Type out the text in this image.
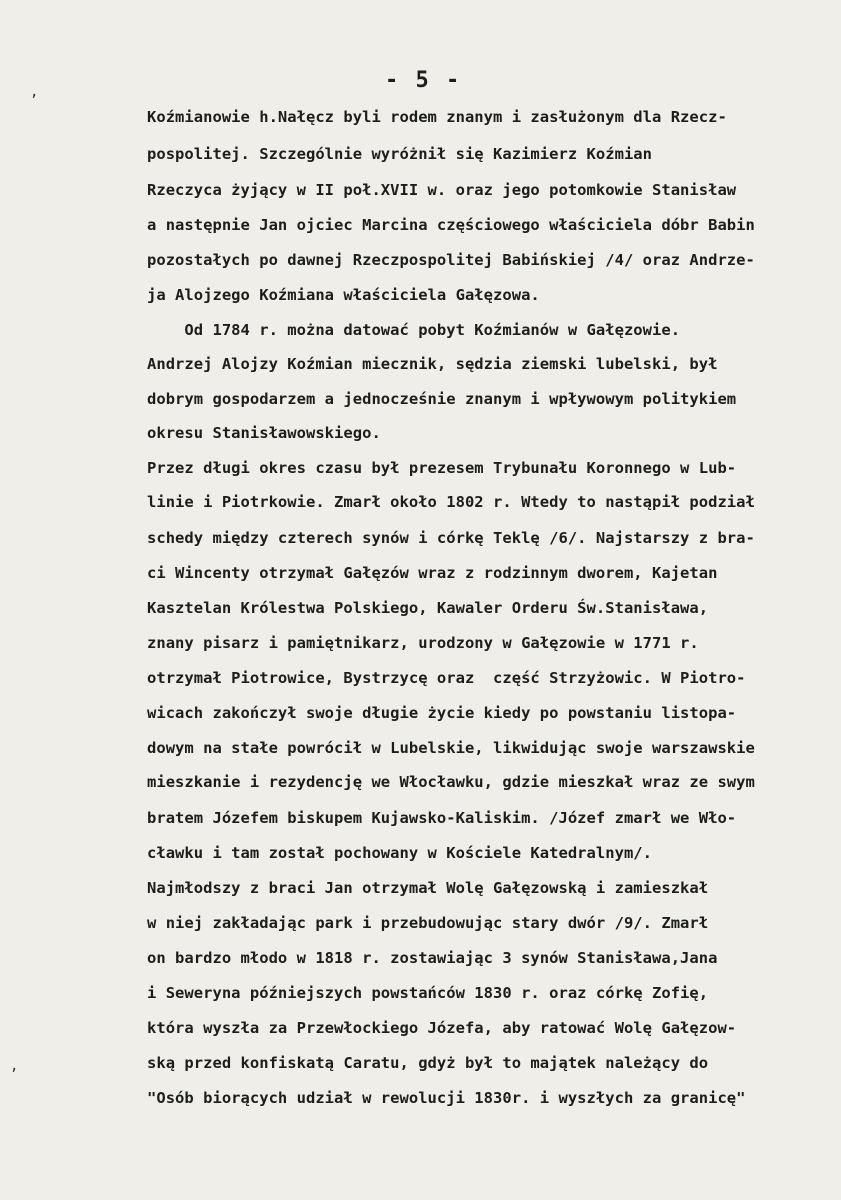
,
,
- 5 -
Koźmianowie h.Nałęcz byli rodem znanym i zasłużonym dla Rzecz-
pospolitej. Szczególnie wyróżnił się Kazimierz Koźmian
Rzeczyca żyjący w II poł.XVII w. oraz jego potomkowie Stanisław
a następnie Jan ojciec Marcina częściowego właściciela dóbr Babin
pozostałych po dawnej Rzeczpospolitej Babińskiej /4/ oraz Andrze-
ja Alojzego Koźmiana właściciela Gałęzowa.
Od 1784 r. można datować pobyt Koźmianów w Gałęzowie.
Andrzej Alojzy Koźmian miecznik, sędzia ziemski lubelski, był
dobrym gospodarzem a jednocześnie znanym i wpływowym politykiem
okresu Stanisławowskiego.
Przez długi okres czasu był prezesem Trybunału Koronnego w Lub-
linie i Piotrkowie. Zmarł około 1802 r. Wtedy to nastąpił podział
schedy między czterech synów i córkę Teklę /6/. Najstarszy z bra-
ci Wincenty otrzymał Gałęzów wraz z rodzinnym dworem, Kajetan
Kasztelan Królestwa Polskiego, Kawaler Orderu Św.Stanisława,
znany pisarz i pamiętnikarz, urodzony w Gałęzowie w 1771 r.
otrzymał Piotrowice, Bystrzycę oraz  część Strzyżowic. W Piotro-
wicach zakończył swoje długie życie kiedy po powstaniu listopa-
dowym na stałe powrócił w Lubelskie, likwidując swoje warszawskie
mieszkanie i rezydencję we Włocławku, gdzie mieszkał wraz ze swym
bratem Józefem biskupem Kujawsko-Kaliskim. /Józef zmarł we Wło-
cławku i tam został pochowany w Kościele Katedralnym/.
Najmłodszy z braci Jan otrzymał Wolę Gałęzowską i zamieszkał
w niej zakładając park i przebudowując stary dwór /9/. Zmarł
on bardzo młodo w 1818 r. zostawiając 3 synów Stanisława,Jana
i Seweryna późniejszych powstańców 1830 r. oraz córkę Zofię,
która wyszła za Przewłockiego Józefa, aby ratować Wolę Gałęzow-
ską przed konfiskatą Caratu, gdyż był to majątek należący do
"Osób biorących udział w rewolucji 1830r. i wyszłych za granicę"
